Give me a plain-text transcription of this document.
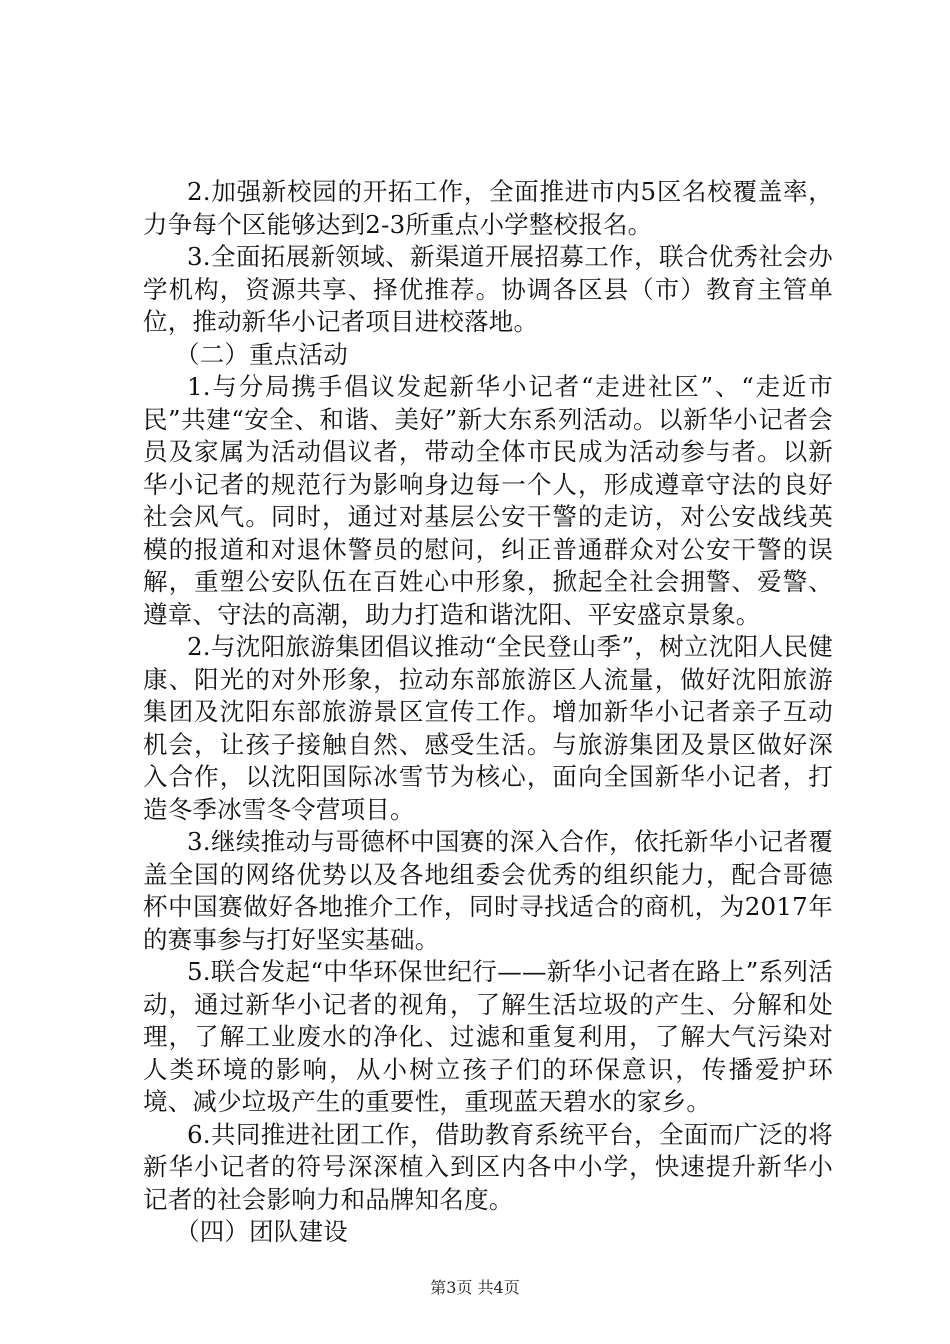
2.加强新校园的开拓工作，全面推进市内5区名校覆盖率，力争每个区能够达到2-3所重点小学整校报名。

3.全面拓展新领域、新渠道开展招募工作，联合优秀社会办学机构，资源共享、择优推荐。协调各区县（市）教育主管单位，推动新华小记者项目进校落地。

（二）重点活动

1.与分局携手倡议发起新华小记者“走进社区”、“走近市民”共建“安全、和谐、美好”新大东系列活动。以新华小记者会员及家属为活动倡议者，带动全体市民成为活动参与者。以新华小记者的规范行为影响身边每一个人，形成遵章守法的良好社会风气。同时，通过对基层公安干警的走访，对公安战线英模的报道和对退休警员的慰问，纠正普通群众对公安干警的误解，重塑公安队伍在百姓心中形象，掀起全社会拥警、爱警、遵章、守法的高潮，助力打造和谐沈阳、平安盛京景象。

2.与沈阳旅游集团倡议推动“全民登山季”，树立沈阳人民健康、阳光的对外形象，拉动东部旅游区人流量，做好沈阳旅游集团及沈阳东部旅游景区宣传工作。增加新华小记者亲子互动机会，让孩子接触自然、感受生活。与旅游集团及景区做好深入合作，以沈阳国际冰雪节为核心，面向全国新华小记者，打造冬季冰雪冬令营项目。

3.继续推动与哥德杯中国赛的深入合作，依托新华小记者覆盖全国的网络优势以及各地组委会优秀的组织能力，配合哥德杯中国赛做好各地推介工作，同时寻找适合的商机，为2017年的赛事参与打好坚实基础。

5.联合发起“中华环保世纪行——新华小记者在路上”系列活动，通过新华小记者的视角，了解生活垃圾的产生、分解和处理，了解工业废水的净化、过滤和重复利用，了解大气污染对人类环境的影响，从小树立孩子们的环保意识，传播爱护环境、减少垃圾产生的重要性，重现蓝天碧水的家乡。

6.共同推进社团工作，借助教育系统平台，全面而广泛的将新华小记者的符号深深植入到区内各中小学，快速提升新华小记者的社会影响力和品牌知名度。

（四）团队建设

第3页 共4页
